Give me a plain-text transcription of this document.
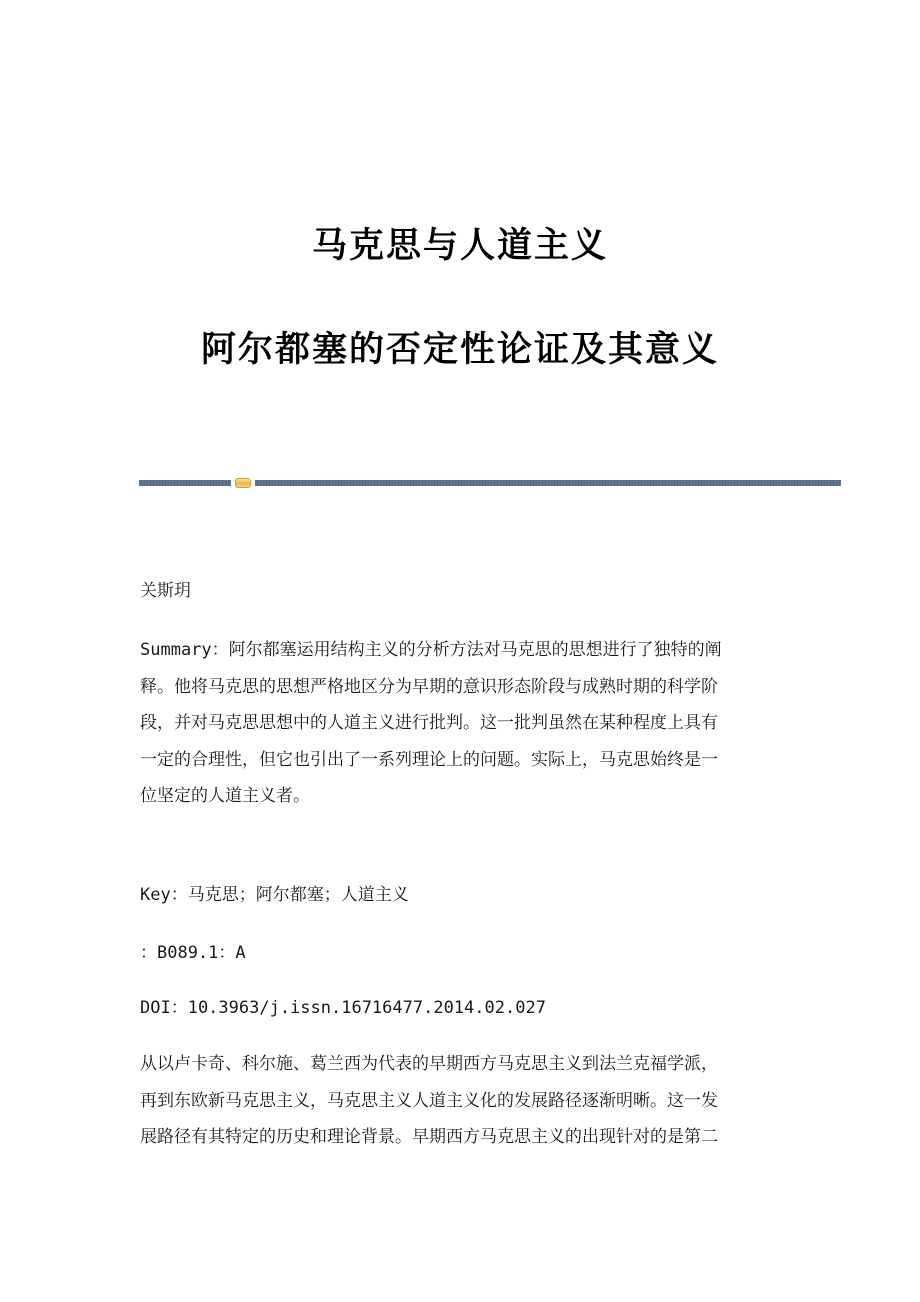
马克思与人道主义
阿尔都塞的否定性论证及其意义
关斯玥
Summary：阿尔都塞运用结构主义的分析方法对马克思的思想进行了独特的阐
释。他将马克思的思想严格地区分为早期的意识形态阶段与成熟时期的科学阶
段，并对马克思思想中的人道主义进行批判。这一批判虽然在某种程度上具有
一定的合理性，但它也引出了一系列理论上的问题。实际上，马克思始终是一
位坚定的人道主义者。
Key：马克思；阿尔都塞；人道主义
：B089.1：A
DOI：10.3963/j.issn.16716477.2014.02.027
从以卢卡奇、科尔施、葛兰西为代表的早期西方马克思主义到法兰克福学派，
再到东欧新马克思主义，马克思主义人道主义化的发展路径逐渐明晰。这一发
展路径有其特定的历史和理论背景。早期西方马克思主义的出现针对的是第二
